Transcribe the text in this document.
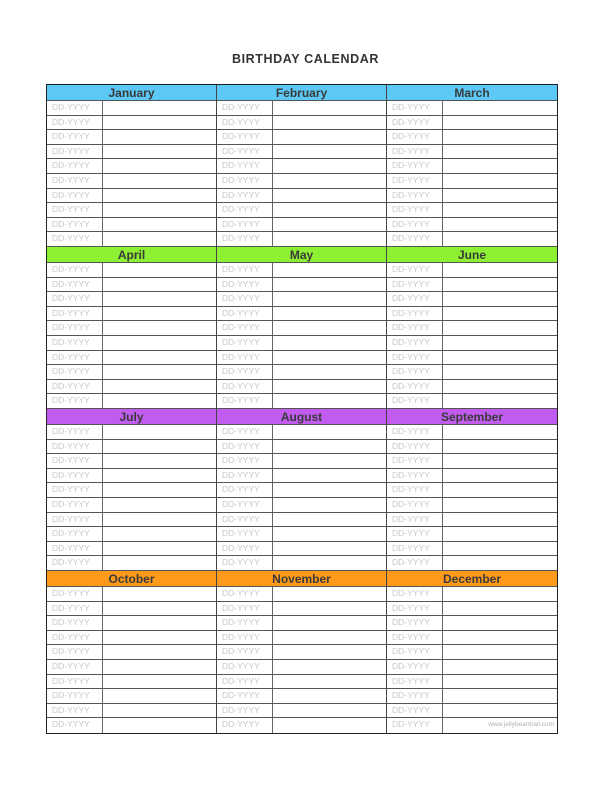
BIRTHDAY CALENDAR
January
DD-YYYY
DD-YYYY
DD-YYYY
DD-YYYY
DD-YYYY
DD-YYYY
DD-YYYY
DD-YYYY
DD-YYYY
DD-YYYY
February
DD-YYYY
DD-YYYY
DD-YYYY
DD-YYYY
DD-YYYY
DD-YYYY
DD-YYYY
DD-YYYY
DD-YYYY
DD-YYYY
March
DD-YYYY
DD-YYYY
DD-YYYY
DD-YYYY
DD-YYYY
DD-YYYY
DD-YYYY
DD-YYYY
DD-YYYY
DD-YYYY
April
DD-YYYY
DD-YYYY
DD-YYYY
DD-YYYY
DD-YYYY
DD-YYYY
DD-YYYY
DD-YYYY
DD-YYYY
DD-YYYY
May
DD-YYYY
DD-YYYY
DD-YYYY
DD-YYYY
DD-YYYY
DD-YYYY
DD-YYYY
DD-YYYY
DD-YYYY
DD-YYYY
June
DD-YYYY
DD-YYYY
DD-YYYY
DD-YYYY
DD-YYYY
DD-YYYY
DD-YYYY
DD-YYYY
DD-YYYY
DD-YYYY
July
DD-YYYY
DD-YYYY
DD-YYYY
DD-YYYY
DD-YYYY
DD-YYYY
DD-YYYY
DD-YYYY
DD-YYYY
DD-YYYY
August
DD-YYYY
DD-YYYY
DD-YYYY
DD-YYYY
DD-YYYY
DD-YYYY
DD-YYYY
DD-YYYY
DD-YYYY
DD-YYYY
September
DD-YYYY
DD-YYYY
DD-YYYY
DD-YYYY
DD-YYYY
DD-YYYY
DD-YYYY
DD-YYYY
DD-YYYY
DD-YYYY
October
DD-YYYY
DD-YYYY
DD-YYYY
DD-YYYY
DD-YYYY
DD-YYYY
DD-YYYY
DD-YYYY
DD-YYYY
DD-YYYY
November
DD-YYYY
DD-YYYY
DD-YYYY
DD-YYYY
DD-YYYY
DD-YYYY
DD-YYYY
DD-YYYY
DD-YYYY
DD-YYYY
December
DD-YYYY
DD-YYYY
DD-YYYY
DD-YYYY
DD-YYYY
DD-YYYY
DD-YYYY
DD-YYYY
DD-YYYY
DD-YYYY	www.jellybeantrail.com
